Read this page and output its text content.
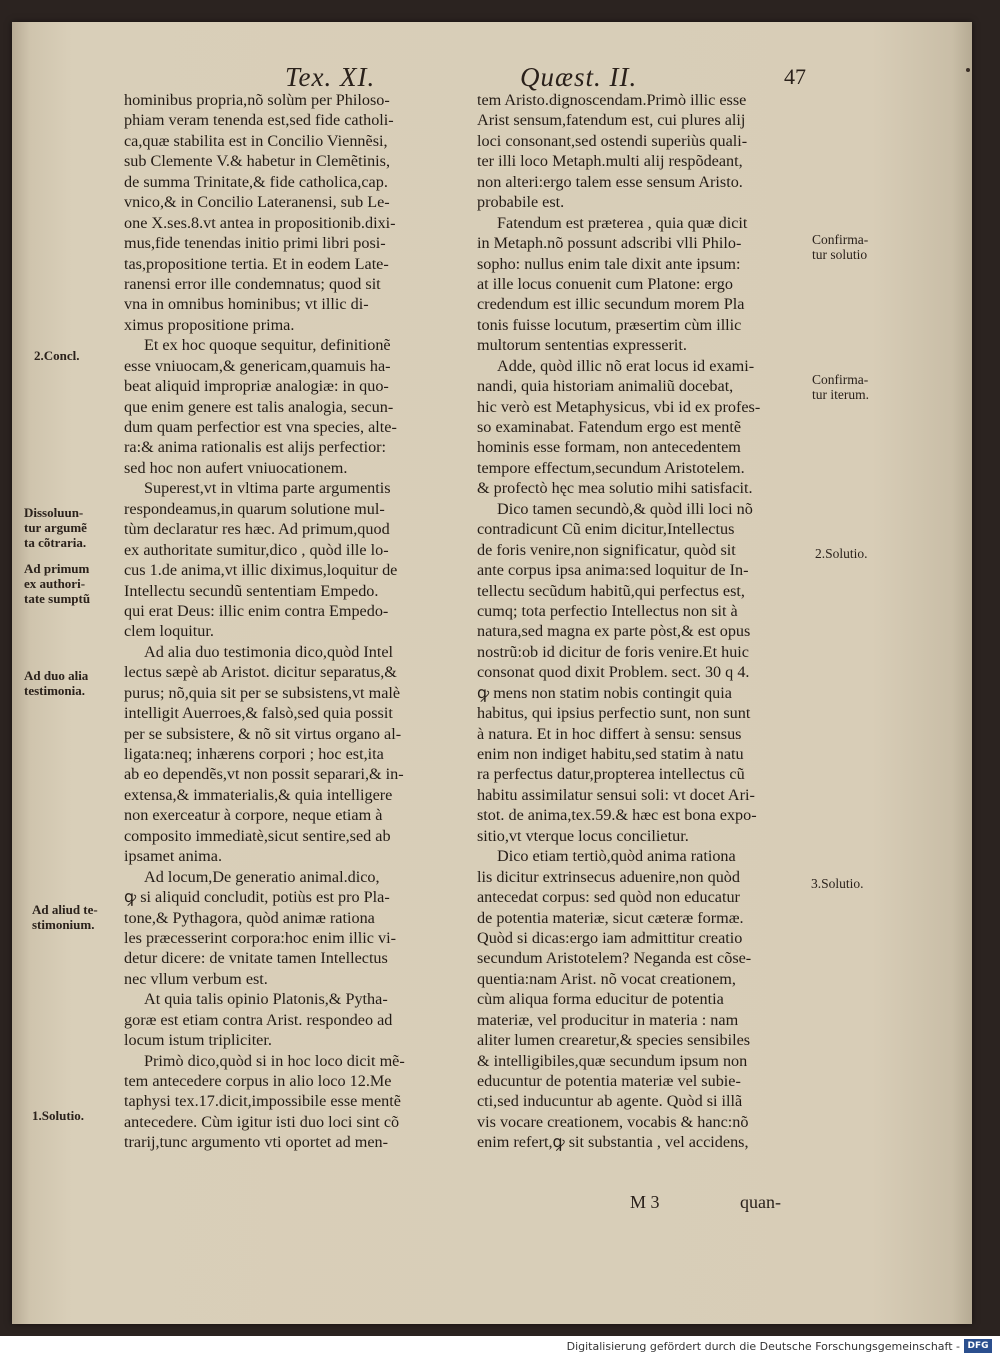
Tex. XI.	Quæst. II.	47
hominibus propria,nõ solùm per Philoso-
phiam veram tenenda est,sed fide catholi-
ca,quæ stabilita est in Concilio Viennẽsi,
sub Clemente V.& habetur in Clemẽtinis,
de summa Trinitate,& fide catholica,cap.
vnico,& in Concilio Lateranensi, sub Le-
one X.ses.8.vt antea in propositionib.dixi-
mus,fide tenendas initio primi libri posi-
tas,propositione tertia. Et in eodem Late-
ranensi error ille condemnatus; quod sit
vna in omnibus hominibus; vt illic di-
ximus propositione prima.
Et ex hoc quoque sequitur, definitionẽ
esse vniuocam,& genericam,quamuis ha-
beat aliquid impropriæ analogiæ: in quo-
que enim genere est talis analogia, secun-
dum quam perfectior est vna species, alte-
ra:& anima rationalis est alijs perfectior:
sed hoc non aufert vniuocationem.
Superest,vt in vltima parte argumentis
respondeamus,in quarum solutione mul-
tùm declaratur res hæc. Ad primum,quod
ex authoritate sumitur,dico , quòd ille lo-
cus 1.de anima,vt illic diximus,loquitur de
Intellectu secundũ sententiam Empedo.
qui erat Deus: illic enim contra Empedo-
clem loquitur.
Ad alia duo testimonia dico,quòd Intel
lectus sæpè ab Aristot. dicitur separatus,&
purus; nõ,quia sit per se subsistens,vt malè
intelligit Auerroes,& falsò,sed quia possit
per se subsistere, & nõ sit virtus organo al-
ligata:neq; inhærens corpori ; hoc est,ita
ab eo dependẽs,vt non possit separari,& in-
extensa,& immaterialis,& quia intelligere
non exerceatur à corpore, neque etiam à
composito immediatè,sicut sentire,sed ab
ipsamet anima.
Ad locum,De generatio animal.dico,
ꝙ si aliquid concludit, potiùs est pro Pla-
tone,& Pythagora, quòd animæ rationa
les præcesserint corpora:hoc enim illic vi-
detur dicere: de vnitate tamen Intellectus
nec vllum verbum est.
At quia talis opinio Platonis,& Pytha-
goræ est etiam contra Arist. respondeo ad
locum istum tripliciter.
Primò dico,quòd si in hoc loco dicit mẽ-
tem antecedere corpus in alio loco 12.Me
taphysi tex.17.dicit,impossibile esse mentẽ
antecedere. Cùm igitur isti duo loci sint cõ
trarij,tunc argumento vti oportet ad men-
tem Aristo.dignoscendam.Primò illic esse
Arist sensum,fatendum est, cui plures alij
loci consonant,sed ostendi superiùs quali-
ter illi loco Metaph.multi alij respõdeant,
non alteri:ergo talem esse sensum Aristo.
probabile est.
Fatendum est præterea , quia quæ dicit
in Metaph.nõ possunt adscribi vlli Philo-
sopho: nullus enim tale dixit ante ipsum:
at ille locus conuenit cum Platone: ergo
credendum est illic secundum morem Pla
tonis fuisse locutum, præsertim cùm illic
multorum sententias expresserit.
Adde, quòd illic nõ erat locus id exami-
nandi, quia historiam animaliũ docebat,
hic verò est Metaphysicus, vbi id ex profes-
so examinabat. Fatendum ergo est mentẽ
hominis esse formam, non antecedentem
tempore effectum,secundum Aristotelem.
& profectò hęc mea solutio mihi satisfacit.
Dico tamen secundò,& quòd illi loci nõ
contradicunt Cũ enim dicitur,Intellectus
de foris venire,non significatur, quòd sit
ante corpus ipsa anima:sed loquitur de In-
tellectu secũdum habitũ,qui perfectus est,
cumq; tota perfectio Intellectus non sit à
natura,sed magna ex parte pòst,& est opus
nostrũ:ob id dicitur de foris venire.Et huic
consonat quod dixit Problem. sect. 30 q 4.
ꝙ mens non statim nobis contingit quia
habitus, qui ipsius perfectio sunt, non sunt
à natura. Et in hoc differt à sensu: sensus
enim non indiget habitu,sed statim à natu
ra perfectus datur,propterea intellectus cũ
habitu assimilatur sensui soli: vt docet Ari-
stot. de anima,tex.59.& hæc est bona expo-
sitio,vt vterque locus concilietur.
Dico etiam tertiò,quòd anima rationa
lis dicitur extrinsecus aduenire,non quòd
antecedat corpus: sed quòd non educatur
de potentia materiæ, sicut cæteræ formæ.
Quòd si dicas:ergo iam admittitur creatio
secundum Aristotelem? Neganda est cõse-
quentia:nam Arist. nõ vocat creationem,
cùm aliqua forma educitur de potentia
materiæ, vel producitur in materia : nam
aliter lumen crearetur,& species sensibiles
& intelligibiles,quæ secundum ipsum non
educuntur de potentia materiæ vel subie-
cti,sed inducuntur ab agente. Quòd si illã
vis vocare creationem, vocabis & hanc:nõ
enim refert,ꝙ sit substantia , vel accidens,
2.Concl.
Dissoluun-
tur argumẽ
ta cõtraria.
Ad primum
ex authori-
tate sumptũ
Ad duo alia
testimonia.
Ad aliud te-
stimonium.
1.Solutio.
Confirma-
tur solutio
Confirma-
tur iterum.
2.Solutio.
3.Solutio.
M 3	quan-
Digitalisierung gefördert durch die Deutsche Forschungsgemeinschaft - DFG
